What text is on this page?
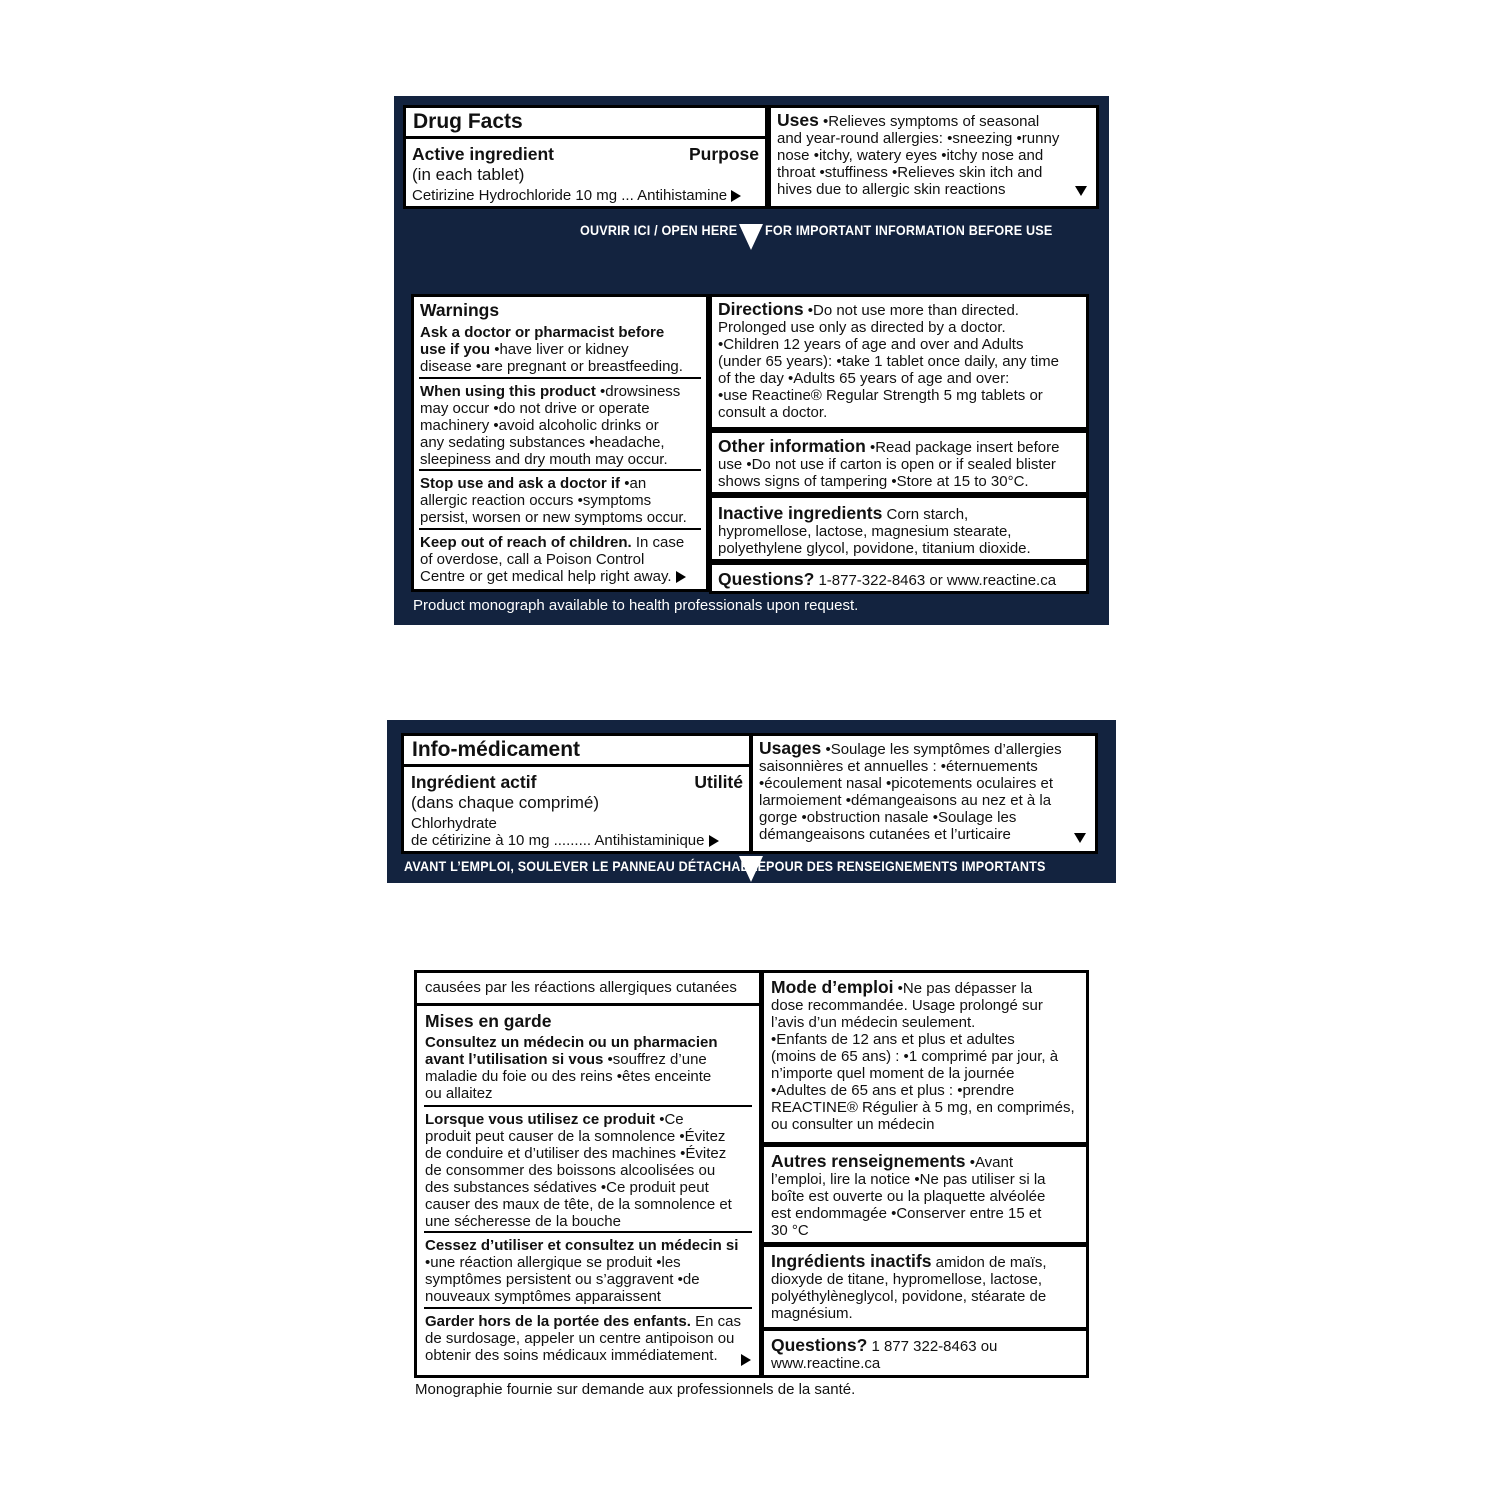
Drug Facts
Active ingredient	Purpose
(in each tablet)
Cetirizine Hydrochloride 10 mg ... Antihistamine
Uses •Relieves symptoms of seasonal
and year-round allergies: •sneezing •runny
nose •itchy, watery eyes •itchy nose and
throat •stuffiness •Relieves skin itch and
hives due to allergic skin reactions
OUVRIR ICI / OPEN HERE FOR IMPORTANT INFORMATION BEFORE USE
Warnings
Ask a doctor or pharmacist before
use if you •have liver or kidney
disease •are pregnant or breastfeeding.
When using this product •drowsiness
may occur •do not drive or operate
machinery •avoid alcoholic drinks or
any sedating substances •headache,
sleepiness and dry mouth may occur.
Stop use and ask a doctor if •an
allergic reaction occurs •symptoms
persist, worsen or new symptoms occur.
Keep out of reach of children. In case
of overdose, call a Poison Control
Centre or get medical help right away.
Directions •Do not use more than directed.
Prolonged use only as directed by a doctor.
•Children 12 years of age and over and Adults
(under 65 years): •take 1 tablet once daily, any time
of the day •Adults 65 years of age and over:
•use Reactine® Regular Strength 5 mg tablets or
consult a doctor.
Other information •Read package insert before
use •Do not use if carton is open or if sealed blister
shows signs of tampering •Store at 15 to 30°C.
Inactive ingredients Corn starch,
hypromellose, lactose, magnesium stearate,
polyethylene glycol, povidone, titanium dioxide.
Questions? 1-877-322-8463 or www.reactine.ca
Product monograph available to health professionals upon request.
Info-médicament
Ingrédient actif	Utilité
(dans chaque comprimé)
Chlorhydrate
de cétirizine à 10 mg ......... Antihistaminique
Usages •Soulage les symptômes d’allergies
saisonnières et annuelles : •éternuements
•écoulement nasal •picotements oculaires et
larmoiement •démangeaisons au nez et à la
gorge •obstruction nasale •Soulage les
démangeaisons cutanées et l’urticaire
AVANT L’EMPLOI, SOULEVER LE PANNEAU DÉTACHABLE POUR DES RENSEIGNEMENTS IMPORTANTS
causées par les réactions allergiques cutanées
Mises en garde
Consultez un médecin ou un pharmacien
avant l’utilisation si vous •souffrez d’une
maladie du foie ou des reins •êtes enceinte
ou allaitez
Lorsque vous utilisez ce produit •Ce
produit peut causer de la somnolence •Évitez
de conduire et d’utiliser des machines •Évitez
de consommer des boissons alcoolisées ou
des substances sédatives •Ce produit peut
causer des maux de tête, de la somnolence et
une sécheresse de la bouche
Cessez d’utiliser et consultez un médecin si
•une réaction allergique se produit •les
symptômes persistent ou s’aggravent •de
nouveaux symptômes apparaissent
Garder hors de la portée des enfants. En cas
de surdosage, appeler un centre antipoison ou
obtenir des soins médicaux immédiatement.
Mode d’emploi •Ne pas dépasser la
dose recommandée. Usage prolongé sur
l’avis d’un médecin seulement.
•Enfants de 12 ans et plus et adultes
(moins de 65 ans) : •1 comprimé par jour, à
n’importe quel moment de la journée
•Adultes de 65 ans et plus : •prendre
REACTINE® Régulier à 5 mg, en comprimés,
ou consulter un médecin
Autres renseignements •Avant
l’emploi, lire la notice •Ne pas utiliser si la
boîte est ouverte ou la plaquette alvéolée
est endommagée •Conserver entre 15 et
30 °C
Ingrédients inactifs amidon de maïs,
dioxyde de titane, hypromellose, lactose,
polyéthylèneglycol, povidone, stéarate de
magnésium.
Questions? 1 877 322-8463 ou
www.reactine.ca
Monographie fournie sur demande aux professionnels de la santé.
